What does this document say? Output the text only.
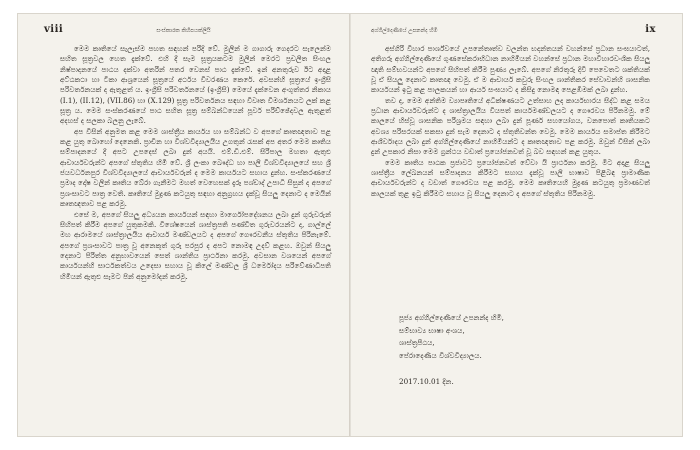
viii	සංස්කාරක කිහිපයක්ලියි

මෙම කෘතියේ සැලැස්ම පහත සඳහන් පරිදි වේ. මුලින් ම ගාගාරු ගෙදරට සැලෙන්ම සහිත සූත්‍රවල හෙත දැක්වේ. එහි දී සැම සූත්‍රයකටම මුලින් මෙරට ප්‍රචලිත සිංහල නිෂ්පාදනයේ පාඨය දක්වා අතරින් පතර වෙනස් පාඨ දැක්වේ. ඉන් අනතුරුව ඊට අදාළ අට්ඨකථා හා ටීකා ආශ්‍රයෙන් සූත්‍රයේ අර්ථය විවරණය කෙරේ. අවසන්හි සූත්‍රයේ ඉංග්‍රීසි පරිවර්තනයක් ද ඇතුළත් ය. ඉංග්‍රීසි පරිවර්තනයේ (ඉංග්‍රීසි) මෙයේ දැක්වෙන අංගුත්තර නිකාය (I.1), (II.12), (VII.86) හා (X.129) සූත්‍ර පරිවර්තනය සඳහා විවෘත විමර්ශනයට ලක් කළ සූත්‍ර ය. මෙම සංස්කරණයේ පාඨ සහිත සූත්‍ර සම්බන්ධයෙන් පූර්ව පරිච්ඡේදවල ඇතුළත් අදහස් ද සලකා බලනු ලැබේ.

අප විසින් අනුමත කළ මෙම ශාස්ත්‍රීය කාර්යය හා සම්බන්ධ ව අපගේ කෘතඥතාව පළ කළ යුතු බොහෝ දෙනෙකි. ප්‍රාචීන හා විශ්වවිද්‍යාලයීය උගතුන් රැසක් අප අතර මෙම කෘතිය සම්පාදනයේ දී අපට උපදෙස් ලබා දුන් අයයි. එම්.ඩී.එම්. සිරිපාල මහතා ඇතුළු ආචාර්යවරුන්ට අපගේ ස්තුතිය හිමි වේ. ශ්‍රී ලංකා බෞද්ධ හා පාලි විශ්වවිද්‍යාලයේ සහ ශ්‍රී ජයවර්ධනපුර විශ්වවිද්‍යාලයේ ආචාර්යවරුන් ද මෙම කාර්යයට සහාය දුන්හ. සංස්කරණයේ ප්‍රමාද දෝෂ වලින් කෘතිය බේරා ගැනීමට මහත් වෙහෙසක් දැරූ පශ්චාද් උපාධි සිසුන් ද අපගේ ප්‍රශංසාවට පාත්‍ර වෙති. කෘතියේ මුද්‍රණ කටයුතු සඳහා අනුග්‍රහය දැක්වූ සියලු දෙනාට ද මෙයින් කෘතඥතාව පළ කරමු.

එසේ ම, අපගේ සියලු අධ්‍යයන කාර්යයන් සඳහා මාර්ගෝපදේශනය ලබා දුන් ගුරුවරුන් සිහිපත් කිරීම අපගේ යුතුකමකි. විශේෂයෙන් ශාස්ත්‍රපති පණ්ඩිත ගුරුවරයන්ට ද, ගාල්ලේ මහ ආරාමයේ ශාස්ත්‍රාලයීය ආචාර්ය මණ්ඩලයට ද අපගේ ගෞරවනීය ස්තුතිය පිරිනැමේ. අපගේ ප්‍රශංසාවට පාත්‍ර වූ අනෙකුත් ගුරු පරපුර ද අපට නොමඳ උදව් කළහ. ඔවුන් සියලු දෙනාට පිරිත්ත අනුභාවයෙන් සෙත් ශාන්තිය ප්‍රාර්ථනා කරමු. අවසාන වශයෙන් අපගේ කාර්යයන්හි සාර්ථකත්වය උදෙසා සහාය වූ කිලේ මණ්ඩල ශ්‍රී ධර්මෝදය පරිවේණාධිපති හිමියන් ඇතුළු සැමට පින් අනුමෝදන් කරමු.

අග්ගිල්දෙණියේ උපනන්ද හිමි	ix

අස්ගිරි විහාර පාර්ශ්වයේ උපනේතෘත්ව වලන්ත භදන්තයන් වහන්සේ ප්‍රධාන සංඝයාටත්, අතිගරු අග්ගිල්දෙණියේ ගුණසේකරාභිධාන නාහිමියන් වහන්සේ ප්‍රධාන මහාවිහාරවංශික සියලු ඥාති සම්භවයන්ට අපගේ සිහිපත් කිරීම පුණ්‍ය ලැබේ. අපගේ නිරතුරු දිවි පෙවෙතට ශක්තියක් වූ ඒ සියලු දෙනාට කෘතඥ වෙමු. ඒ ම ආචාර්ය කවුරු සිංහල ශාන්තිකර සේවාවන්හි ශාසනික කාර්යයන් ඉටු කළ පාලකයන් හා ආර්ය සංඝයාට ද කිසිදු නොමඳ පෙළඹීමක් ලබා දුන්හ.

තව ද, මෙම අන්තිම ව්‍යාපෘතියේ අධීක්ෂණයට උත්සාහ ලද කාර්යභාරය සිද්ධ කළ සමය ප්‍රධාන ආචාර්යවරුන්ට ද ශාස්ත්‍රාලයීය වියපත් කාර්යමණ්ඩලයට ද ගෞරවය පිරිනමමු. මේ කාලයේ හිස්වූ ශාසනික පරිශ්‍රමය සඳහා ලබා දුන් පූර්ණ සහයෝගය, වනපොත් කෘතියකට අවශ්‍ය පරිසරයක් සකසා දුන් සැම දෙනාට ද ස්තුතිවන්ත වෙමු. මෙම කාර්යය සමාප්ත කිරීමට ආශීර්වාදය ලබා දුන් අග්ගිල්දෙණියේ නාහිමියන්ට ද කෘතඥතාව පළ කරමු. ඔවුන් විසින් ලබා දුන් උපකාර නිසා මෙම ග්‍රන්ථය වඩාත් ප්‍රයෝජනවත් වූ බව සඳහන් කළ යුතුය.

මෙම කෘතිය පාඨක ප්‍රජාවට ප්‍රයෝජනවත් වේවා යි ප්‍රාර්ථනා කරමු. මීට අදාළ සියලු ශාස්ත්‍රීය ලේඛනයන් සම්පාදනය කිරීමට සහාය දැක්වූ පාලි භාෂාව පිළිබඳ ප්‍රාමාණික ආචාර්යවරුන්ට ද වඩාත් ගෞරවය පළ කරමු. මෙම කෘතියෙහි මුද්‍රණ කටයුතු ප්‍රමාණවත් කාලයක් තුළ ඉටු කිරීමට සහාය වූ සියලු දෙනාට ද අපගේ ස්තුතිය පිරිනමමු.

පූජ්‍ය අග්ගිල්දෙණියේ උපනන්ද හිමි,
සම්භාව්‍ය භාෂා අංශය,
ශාස්ත්‍රපීඨය,
පේරාදෙණිය විශ්වවිද්‍යාලය.
2017.10.01 දින.
